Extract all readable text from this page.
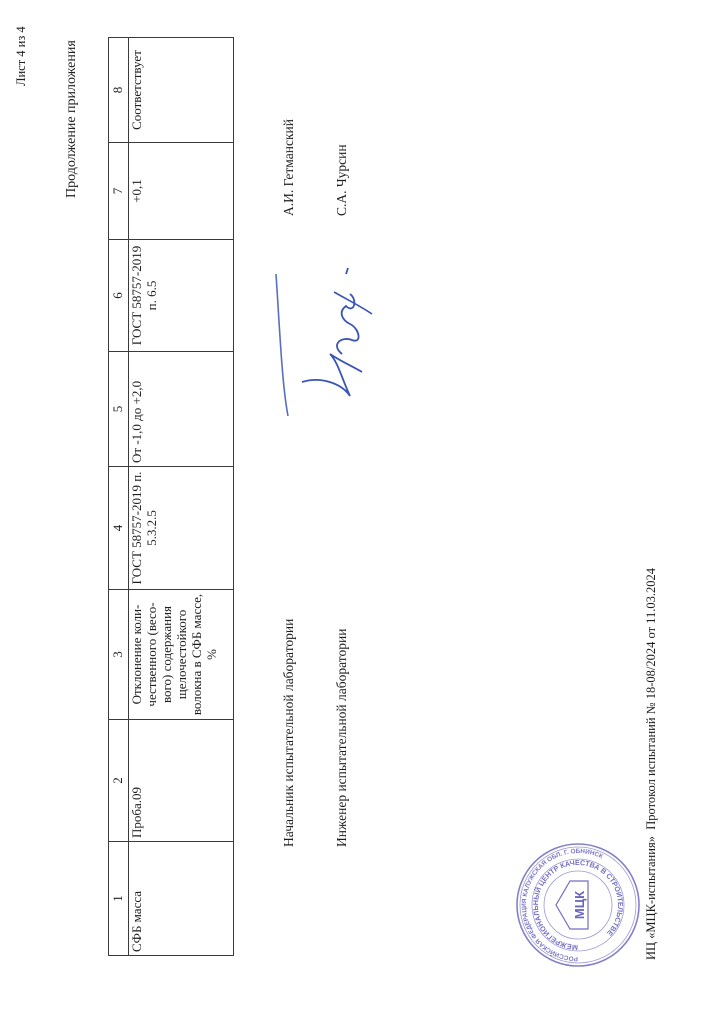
Лист 4 из 4	Продолжение приложения
1	2	3	4	5	6	7	8
СФБ масса	Проба.09	Отклонение коли-чественного (весо-вого) содержания щелочестойкого волокна в СФБ массе, %	ГОСТ 58757-2019 п. 5.3.2.5	От -1,0 до +2,0	ГОСТ 58757-2019 п. 6.5	+0,1	Соответствует
Начальник испытательной лаборатории
А.И. Гетманский
Инженер испытательной лаборатории
С.А. Чурсин
РОССИЙСКАЯ ФЕДЕРАЦИЯ КАЛУЖСКАЯ ОБЛ. Г. ОБНИНСК
МЕЖРЕГИОНАЛЬНЫЙ ЦЕНТР КАЧЕСТВА В СТРОИТЕЛЬСТВЕ
МЦК	ИЦ «МЦК-испытания»  Протокол испытаний № 18-08/2024 от 11.03.2024
